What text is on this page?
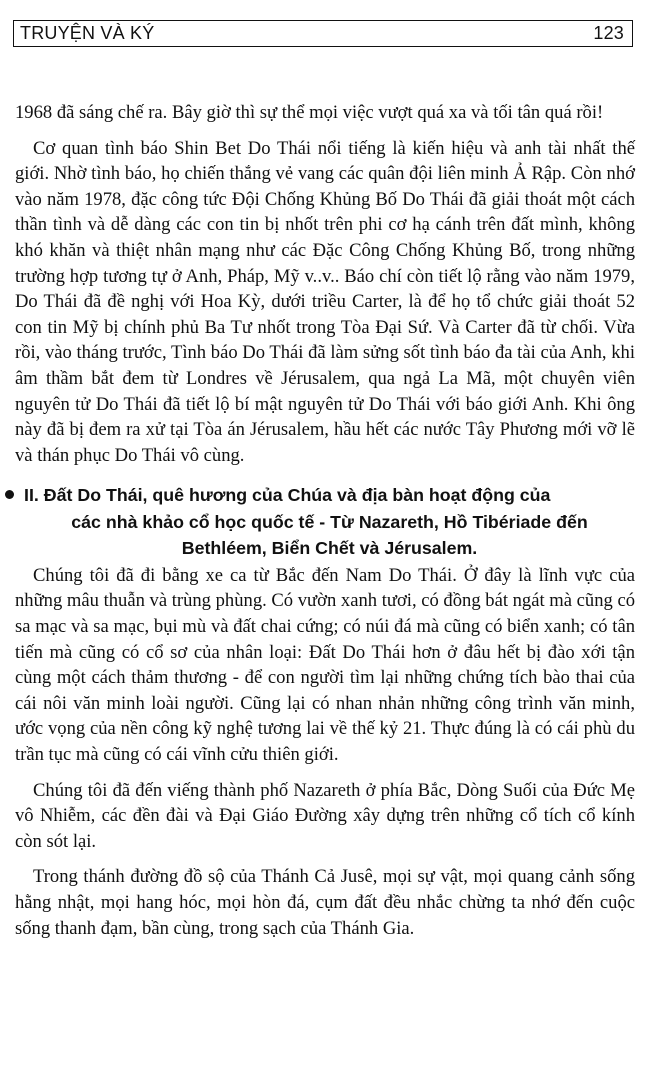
TRUYỆN VÀ KÝ	123

1968 đã sáng chế ra. Bây giờ thì sự thể mọi việc vượt quá xa và tối tân quá rồi!

Cơ quan tình báo Shin Bet Do Thái nổi tiếng là kiến hiệu và anh tài nhất thế giới. Nhờ tình báo, họ chiến thắng vẻ vang các quân đội liên minh Ả Rập. Còn nhớ vào năm 1978, đặc công tức Đội Chống Khủng Bố Do Thái đã giải thoát một cách thần tình và dễ dàng các con tin bị nhốt trên phi cơ hạ cánh trên đất mình, không khó khăn và thiệt nhân mạng như các Đặc Công Chống Khủng Bố, trong những trường hợp tương tự ở Anh, Pháp, Mỹ v..v.. Báo chí còn tiết lộ rằng vào năm 1979, Do Thái đã đề nghị với Hoa Kỳ, dưới triều Carter, là để họ tổ chức giải thoát 52 con tin Mỹ bị chính phủ Ba Tư nhốt trong Tòa Đại Sứ. Và Carter đã từ chối. Vừa rồi, vào tháng trước, Tình báo Do Thái đã làm sửng sốt tình báo đa tài của Anh, khi âm thầm bắt đem từ Londres về Jérusalem, qua ngả La Mã, một chuyên viên nguyên tử Do Thái đã tiết lộ bí mật nguyên tử Do Thái với báo giới Anh. Khi ông này đã bị đem ra xử tại Tòa án Jérusalem, hầu hết các nước Tây Phương mới vỡ lẽ và thán phục Do Thái vô cùng.

II. Đất Do Thái, quê hương của Chúa và địa bàn hoạt động của
các nhà khảo cổ học quốc tế - Từ Nazareth, Hồ Tibériade đến
Bethléem, Biển Chết và Jérusalem.

Chúng tôi đã đi bằng xe ca từ Bắc đến Nam Do Thái. Ở đây là lĩnh vực của những mâu thuẫn và trùng phùng. Có vườn xanh tươi, có đồng bát ngát mà cũng có sa mạc và sa mạc, bụi mù và đất chai cứng; có núi đá mà cũng có biển xanh; có tân tiến mà cũng có cổ sơ của nhân loại: Đất Do Thái hơn ở đâu hết bị đào xới tận cùng một cách thảm thương - để con người tìm lại những chứng tích bào thai của cái nôi văn minh loài người. Cũng lại có nhan nhản những công trình văn minh, ước vọng của nền công kỹ nghệ tương lai về thế kỷ 21. Thực đúng là có cái phù du trần tục mà cũng có cái vĩnh cửu thiên giới.

Chúng tôi đã đến viếng thành phố Nazareth ở phía Bắc, Dòng Suối của Đức Mẹ vô Nhiễm, các đền đài và Đại Giáo Đường xây dựng trên những cổ tích cổ kính còn sót lại.

Trong thánh đường đồ sộ của Thánh Cả Jusê, mọi sự vật, mọi quang cảnh sống hằng nhật, mọi hang hóc, mọi hòn đá, cụm đất đều nhắc chừng ta nhớ đến cuộc sống thanh đạm, bần cùng, trong sạch của Thánh Gia.
